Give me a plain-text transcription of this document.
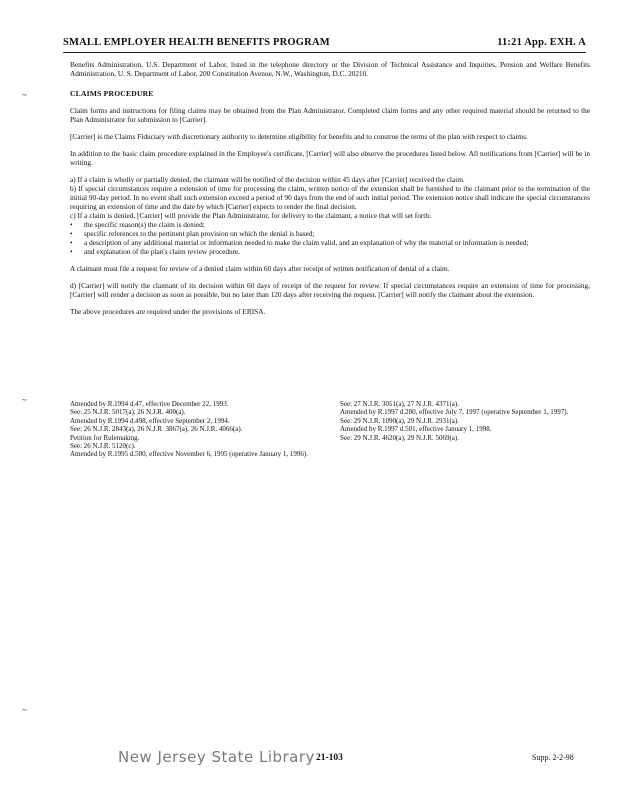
SMALL EMPLOYER HEALTH BENEFITS PROGRAM	11:21 App. EXH. A
~
~
~

Benefits Administration, U.S. Department of Labor, listed in the telephone directory or the Division of Technical Assistance and Inquiries, Pension and Welfare Benefits Administration, U. S. Department of Labor, 200 Constitution Avenue, N.W., Washington, D.C. 20210.

CLAIMS PROCEDURE

Claim forms and instructions for filing claims may be obtained from the Plan Administrator. Completed claim forms and any other required material should be returned to the Plan Administrator for submission to [Carrier].

[Carrier] is the Claims Fiduciary with discretionary authority to determine eligibility for benefits and to construe the terms of the plan with respect to claims.

In addition to the basic claim procedure explained in the Employee's certificate, [Carrier] will also observe the procedures listed below. All notifications from [Carrier] will be in writing.

a) If a claim is wholly or partially denied, the claimant will be notified of the decision within 45 days after [Carrier] received the claim.
b) If special circumstances require a extension of time for processing the claim, written notice of the extension shall be furnished to the claimant prior to the termination of the initial 90-day period. In no event shall such extension exceed a period of 90 days from the end of such initial period. The extension notice shall indicate the special circumstances requiring an extension of time and the date by which [Carrier] expects to render the final decision.
c) If a claim is denied, [Carrier] will provide the Plan Administrator, for delivery to the claimant, a notice that will set forth:
• the specific reason(s) the claim is denied;
• specific references to the pertinent plan provision on which the denial is based;
• a description of any additional material or information needed to make the claim valid, and an explanation of why the material or information is needed;
• and explanation of the plan's claim review procedure.

A claimant must file a request for review of a denied claim within 60 days after receipt of written notification of denial of a claim.

d) [Carrier] will notify the claimant of its decision within 60 days of receipt of the request for review. If special circumstances require an extension of time for processing, [Carrier] will render a decision as soon as possible, but no later than 120 days after receiving the request. [Carrier] will notify the claimant about the extension.

The above procedures are required under the provisions of ERISA.

Amended by R.1994 d.47, effective December 22, 1993.

See: 25 N.J.R. 5017(a), 26 N.J.R. 400(a).

Amended by R.1994 d.498, effective September 2, 1994.

See: 26 N.J.R. 2843(a), 26 N.J.R. 3867(a), 26 N.J.R. 4066(a).

Petition for Rulemaking.

See: 26 N.J.R. 5120(c).

Amended by R.1995 d.580, effective November 6, 1995 (operative January 1, 1996).

See: 27 N.J.R. 3051(a), 27 N.J.R. 4371(a).

Amended by R.1997 d.280, effective July 7, 1997 (operative September 1, 1997).

See: 29 N.J.R. 1090(a), 29 N.J.R. 2931(a).

Amended by R.1997 d.501, effective January 1, 1998.

See: 29 N.J.R. 4620(a), 29 N.J.R. 5069(a).

New Jersey State Library 21-103	Supp. 2-2-98
